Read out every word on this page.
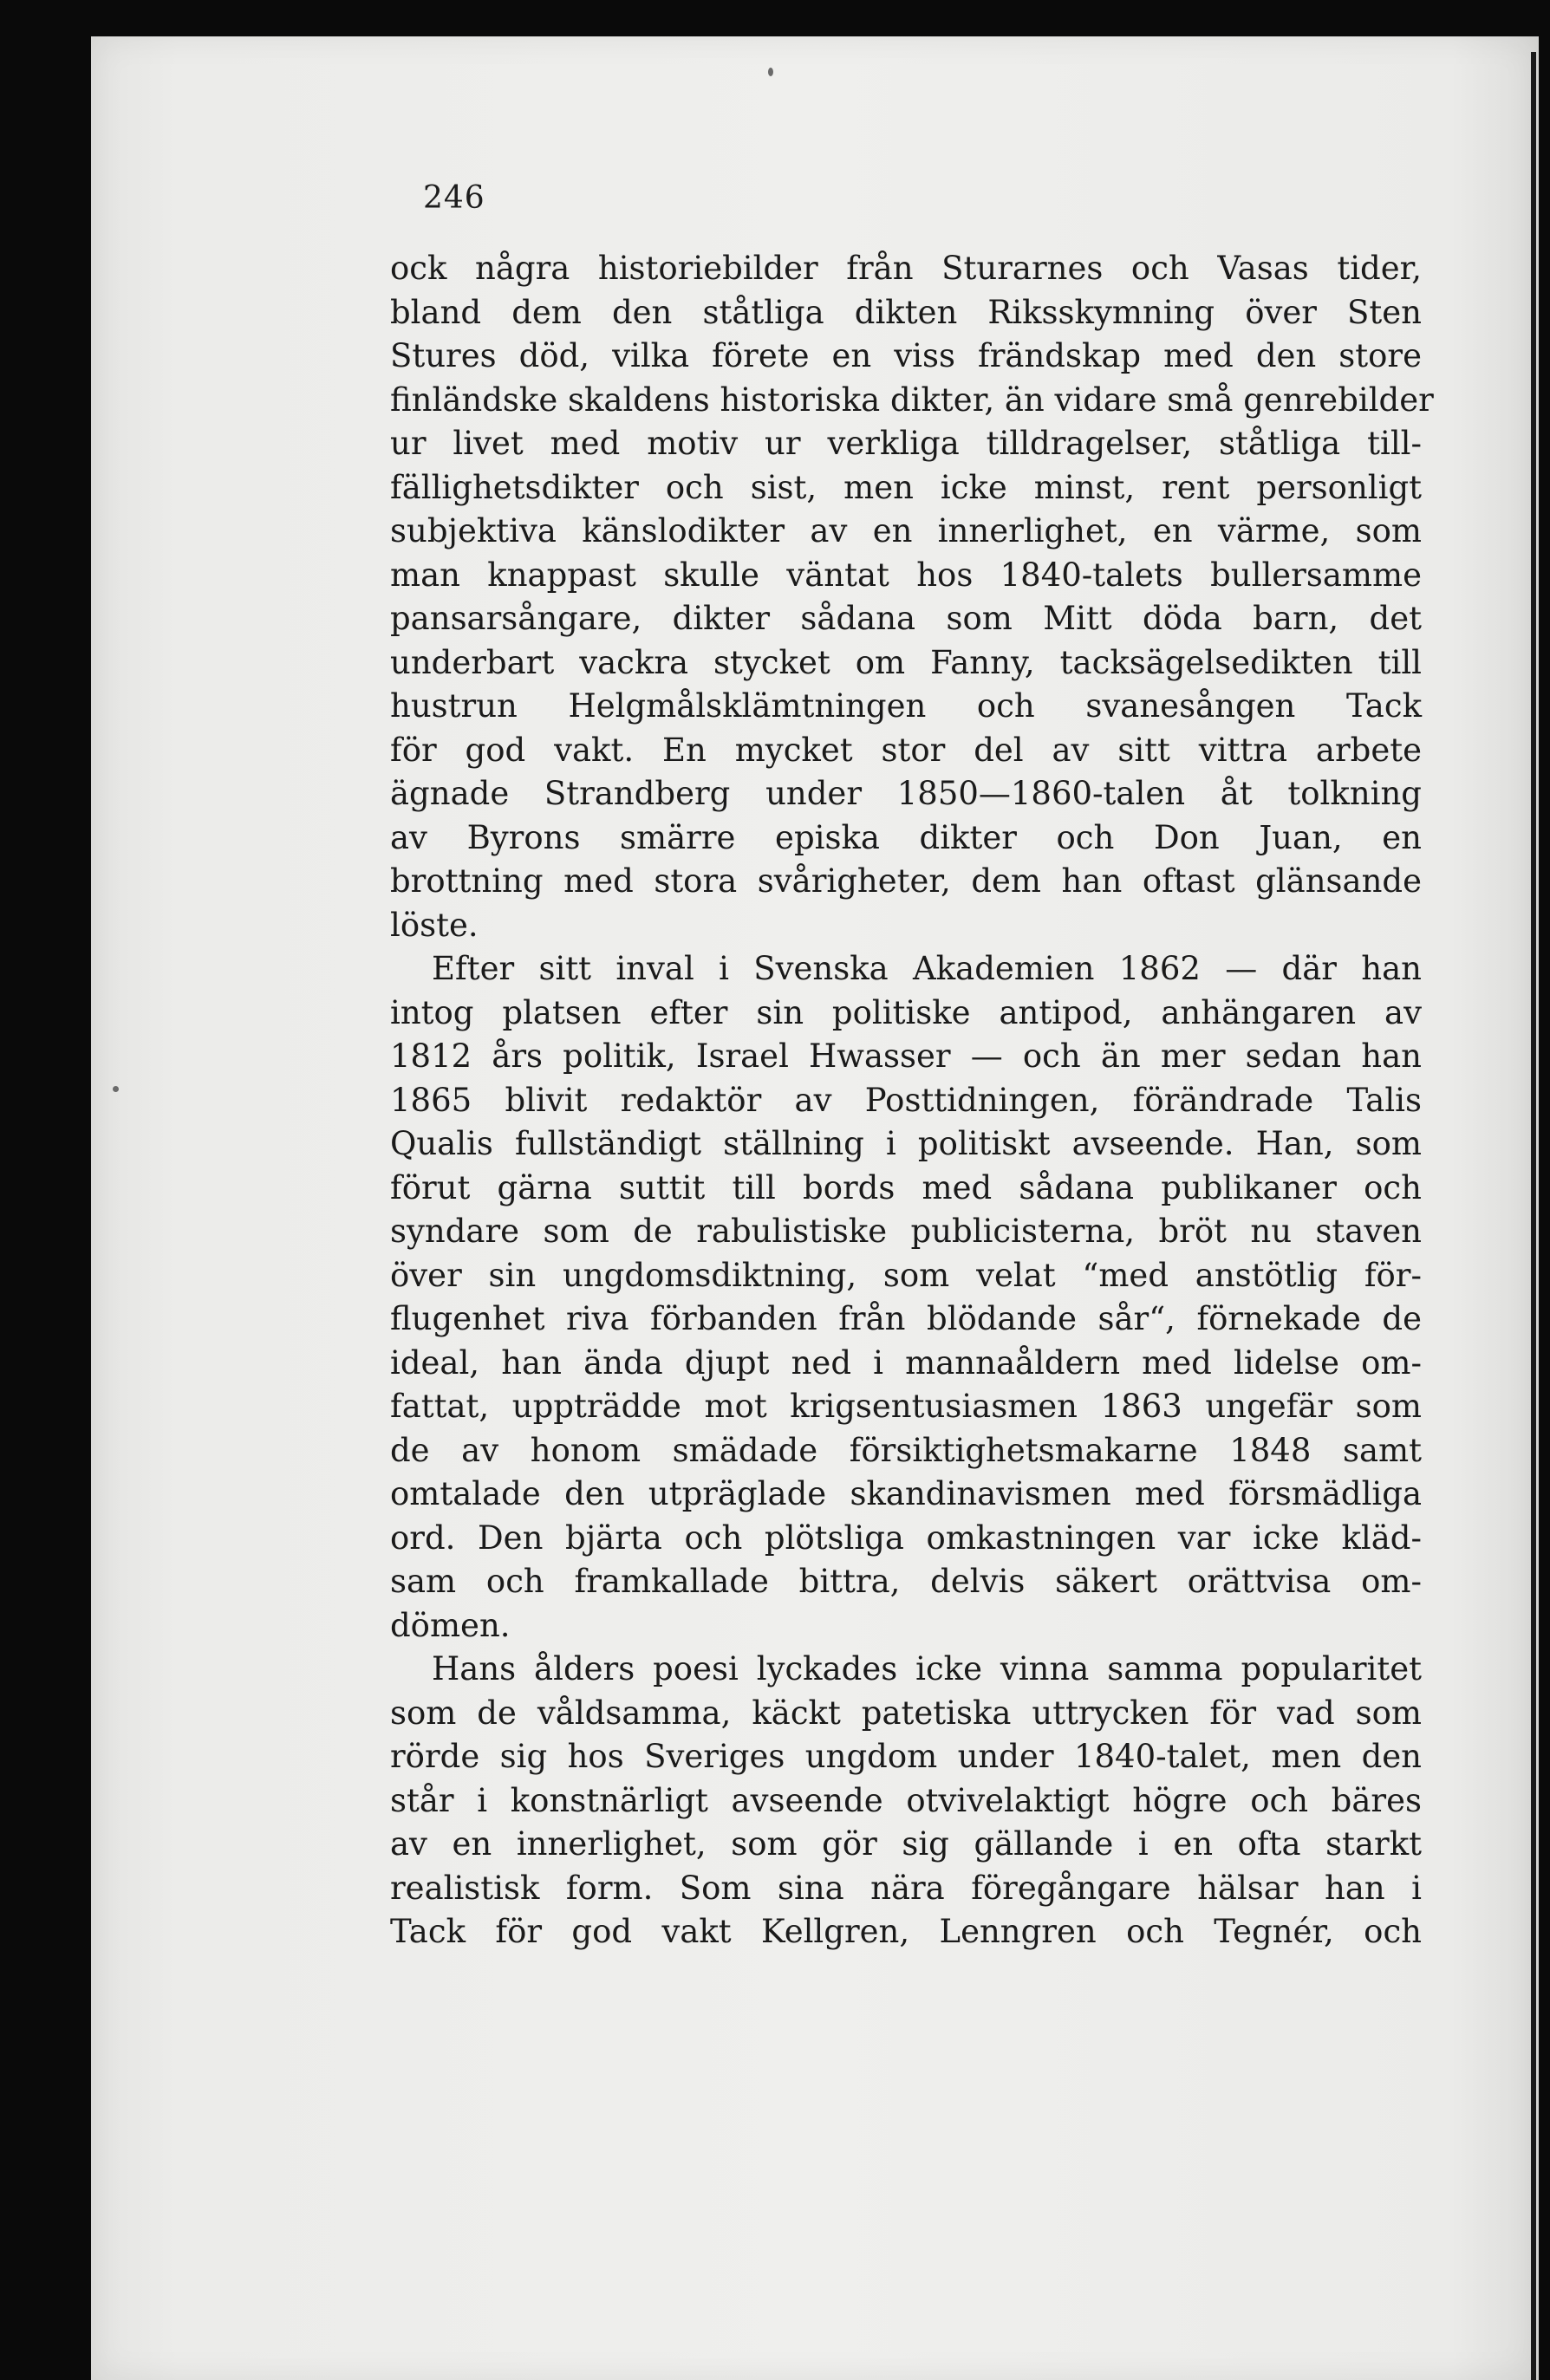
246
ock några historiebilder från Sturarnes och Vasas tider,
bland dem den ståtliga dikten Riksskymning över Sten
Stures död, vilka förete en viss frändskap med den store
finländske skaldens historiska dikter, än vidare små genrebilder
ur livet med motiv ur verkliga tilldragelser, ståtliga till-
fällighetsdikter och sist, men icke minst, rent personligt
subjektiva känslodikter av en innerlighet, en värme, som
man knappast skulle väntat hos 1840-talets bullersamme
pansarsångare, dikter sådana som Mitt döda barn, det
underbart vackra stycket om Fanny, tacksägelsedikten till
hustrun Helgmålsklämtningen och svanesången Tack
för god vakt. En mycket stor del av sitt vittra arbete
ägnade Strandberg under 1850—1860-talen åt tolkning
av Byrons smärre episka dikter och Don Juan, en
brottning med stora svårigheter, dem han oftast glänsande
löste.
Efter sitt inval i Svenska Akademien 1862 — där han
intog platsen efter sin politiske antipod, anhängaren av
1812 års politik, Israel Hwasser — och än mer sedan han
1865 blivit redaktör av Posttidningen, förändrade Talis
Qualis fullständigt ställning i politiskt avseende. Han, som
förut gärna suttit till bords med sådana publikaner och
syndare som de rabulistiske publicisterna, bröt nu staven
över sin ungdomsdiktning, som velat “med anstötlig för-
flugenhet riva förbanden från blödande sår“, förnekade de
ideal, han ända djupt ned i mannaåldern med lidelse om-
fattat, uppträdde mot krigsentusiasmen 1863 ungefär som
de av honom smädade försiktighetsmakarne 1848 samt
omtalade den utpräglade skandinavismen med försmädliga
ord. Den bjärta och plötsliga omkastningen var icke kläd-
sam och framkallade bittra, delvis säkert orättvisa om-
dömen.
Hans ålders poesi lyckades icke vinna samma popularitet
som de våldsamma, käckt patetiska uttrycken för vad som
rörde sig hos Sveriges ungdom under 1840-talet, men den
står i konstnärligt avseende otvivelaktigt högre och bäres
av en innerlighet, som gör sig gällande i en ofta starkt
realistisk form. Som sina nära föregångare hälsar han i
Tack för god vakt Kellgren, Lenngren och Tegnér, och
